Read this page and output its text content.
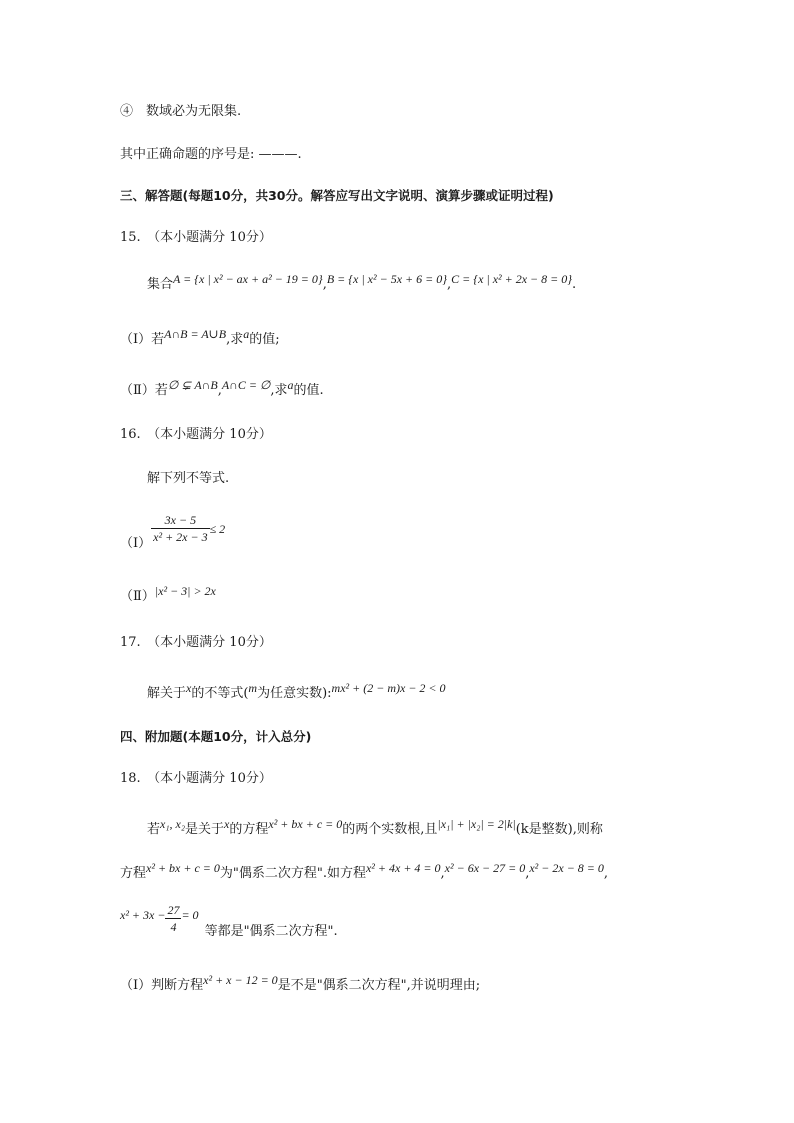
④　数域必为无限集.
其中正确命题的序号是: ———.
三、解答题(每题10分，共30分。解答应写出文字说明、演算步骤或证明过程)
15.　（本小题满分 10分）
集合A = {x | x² − ax + a² − 19 = 0},B = {x | x² − 5x + 6 = 0},C = {x | x² + 2x − 8 = 0}.
（Ⅰ）若A∩B = A∪B,求a的值;
（Ⅱ）若∅ ⊊ A∩B,A∩C = ∅,求a的值.
16.　（本小题满分 10分）
解下列不等式.
（Ⅰ） $\frac{3x - 5}{\text{x² + 2x − 3}} \le 2$
（Ⅱ）|x² − 3| > 2x
17.　（本小题满分 10分）
解关于x的不等式(m为任意实数):mx² + (2 − m)x − 2 < 0
四、附加题(本题10分，计入总分)
18.　（本小题满分 10分）
若x₁, x₂是关于x的方程x² + bx + c = 0的两个实数根,且|x₁| + |x₂| = 2|k|(k是整数),则称
方程x² + bx + c = 0为"偶系二次方程".如方程x² + 4x + 4 = 0,x² − 6x − 27 = 0,x² − 2x − 8 = 0,
$x^2 + 3x - \frac{27}{4} = 0$等都是"偶系二次方程".
（Ⅰ）判断方程x² + x − 12 = 0是不是"偶系二次方程",并说明理由;
